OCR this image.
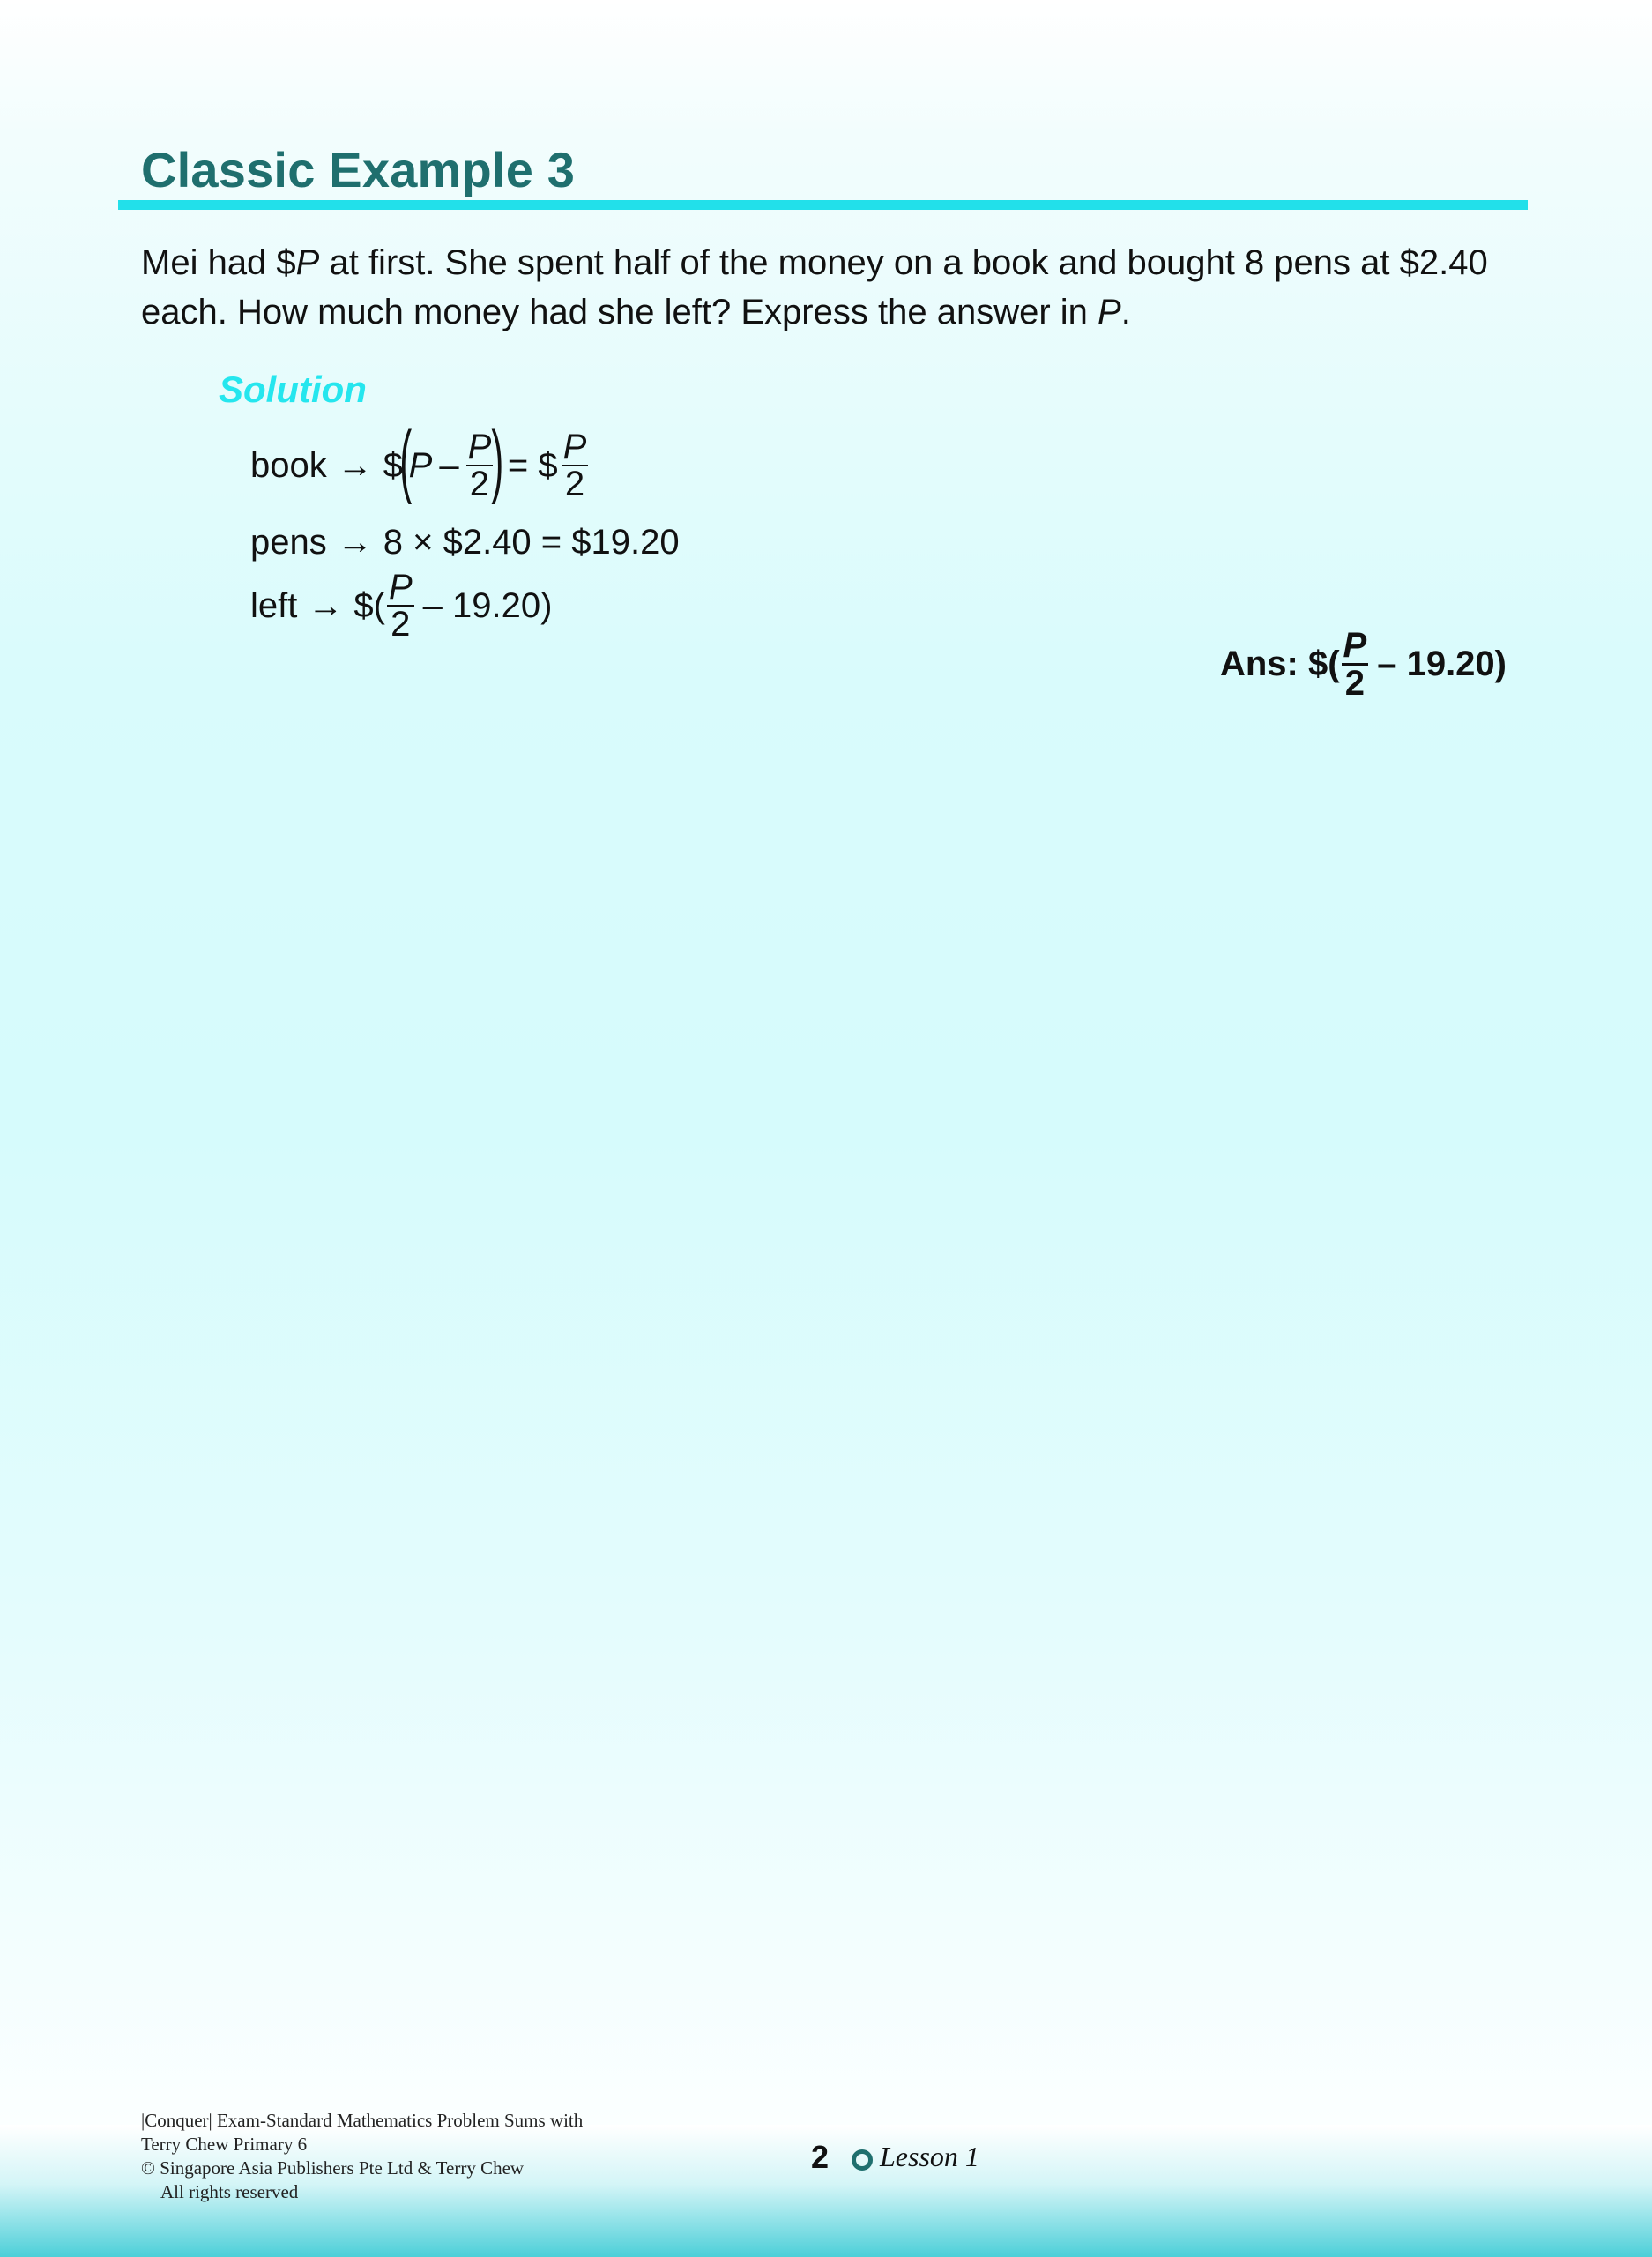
Classic Example 3

Mei had $P at first. She spent half of the money on a book and bought 8 pens at $2.40
each. How much money had she left? Express the answer in P.

Solution
book → $
(
P – $\frac{P}{2}$
) = $ $\frac{P}{2}$
pens → 8 × $2.40 = $19.20
left → $( $\frac{P}{2} - 19.20$)
Ans: $( $\frac{P}{2} - 19.20$)
|Conquer| Exam-Standard Mathematics Problem Sums with
Terry Chew Primary 6
© Singapore Asia Publishers Pte Ltd & Terry Chew
All rights reserved
2 Lesson 1
